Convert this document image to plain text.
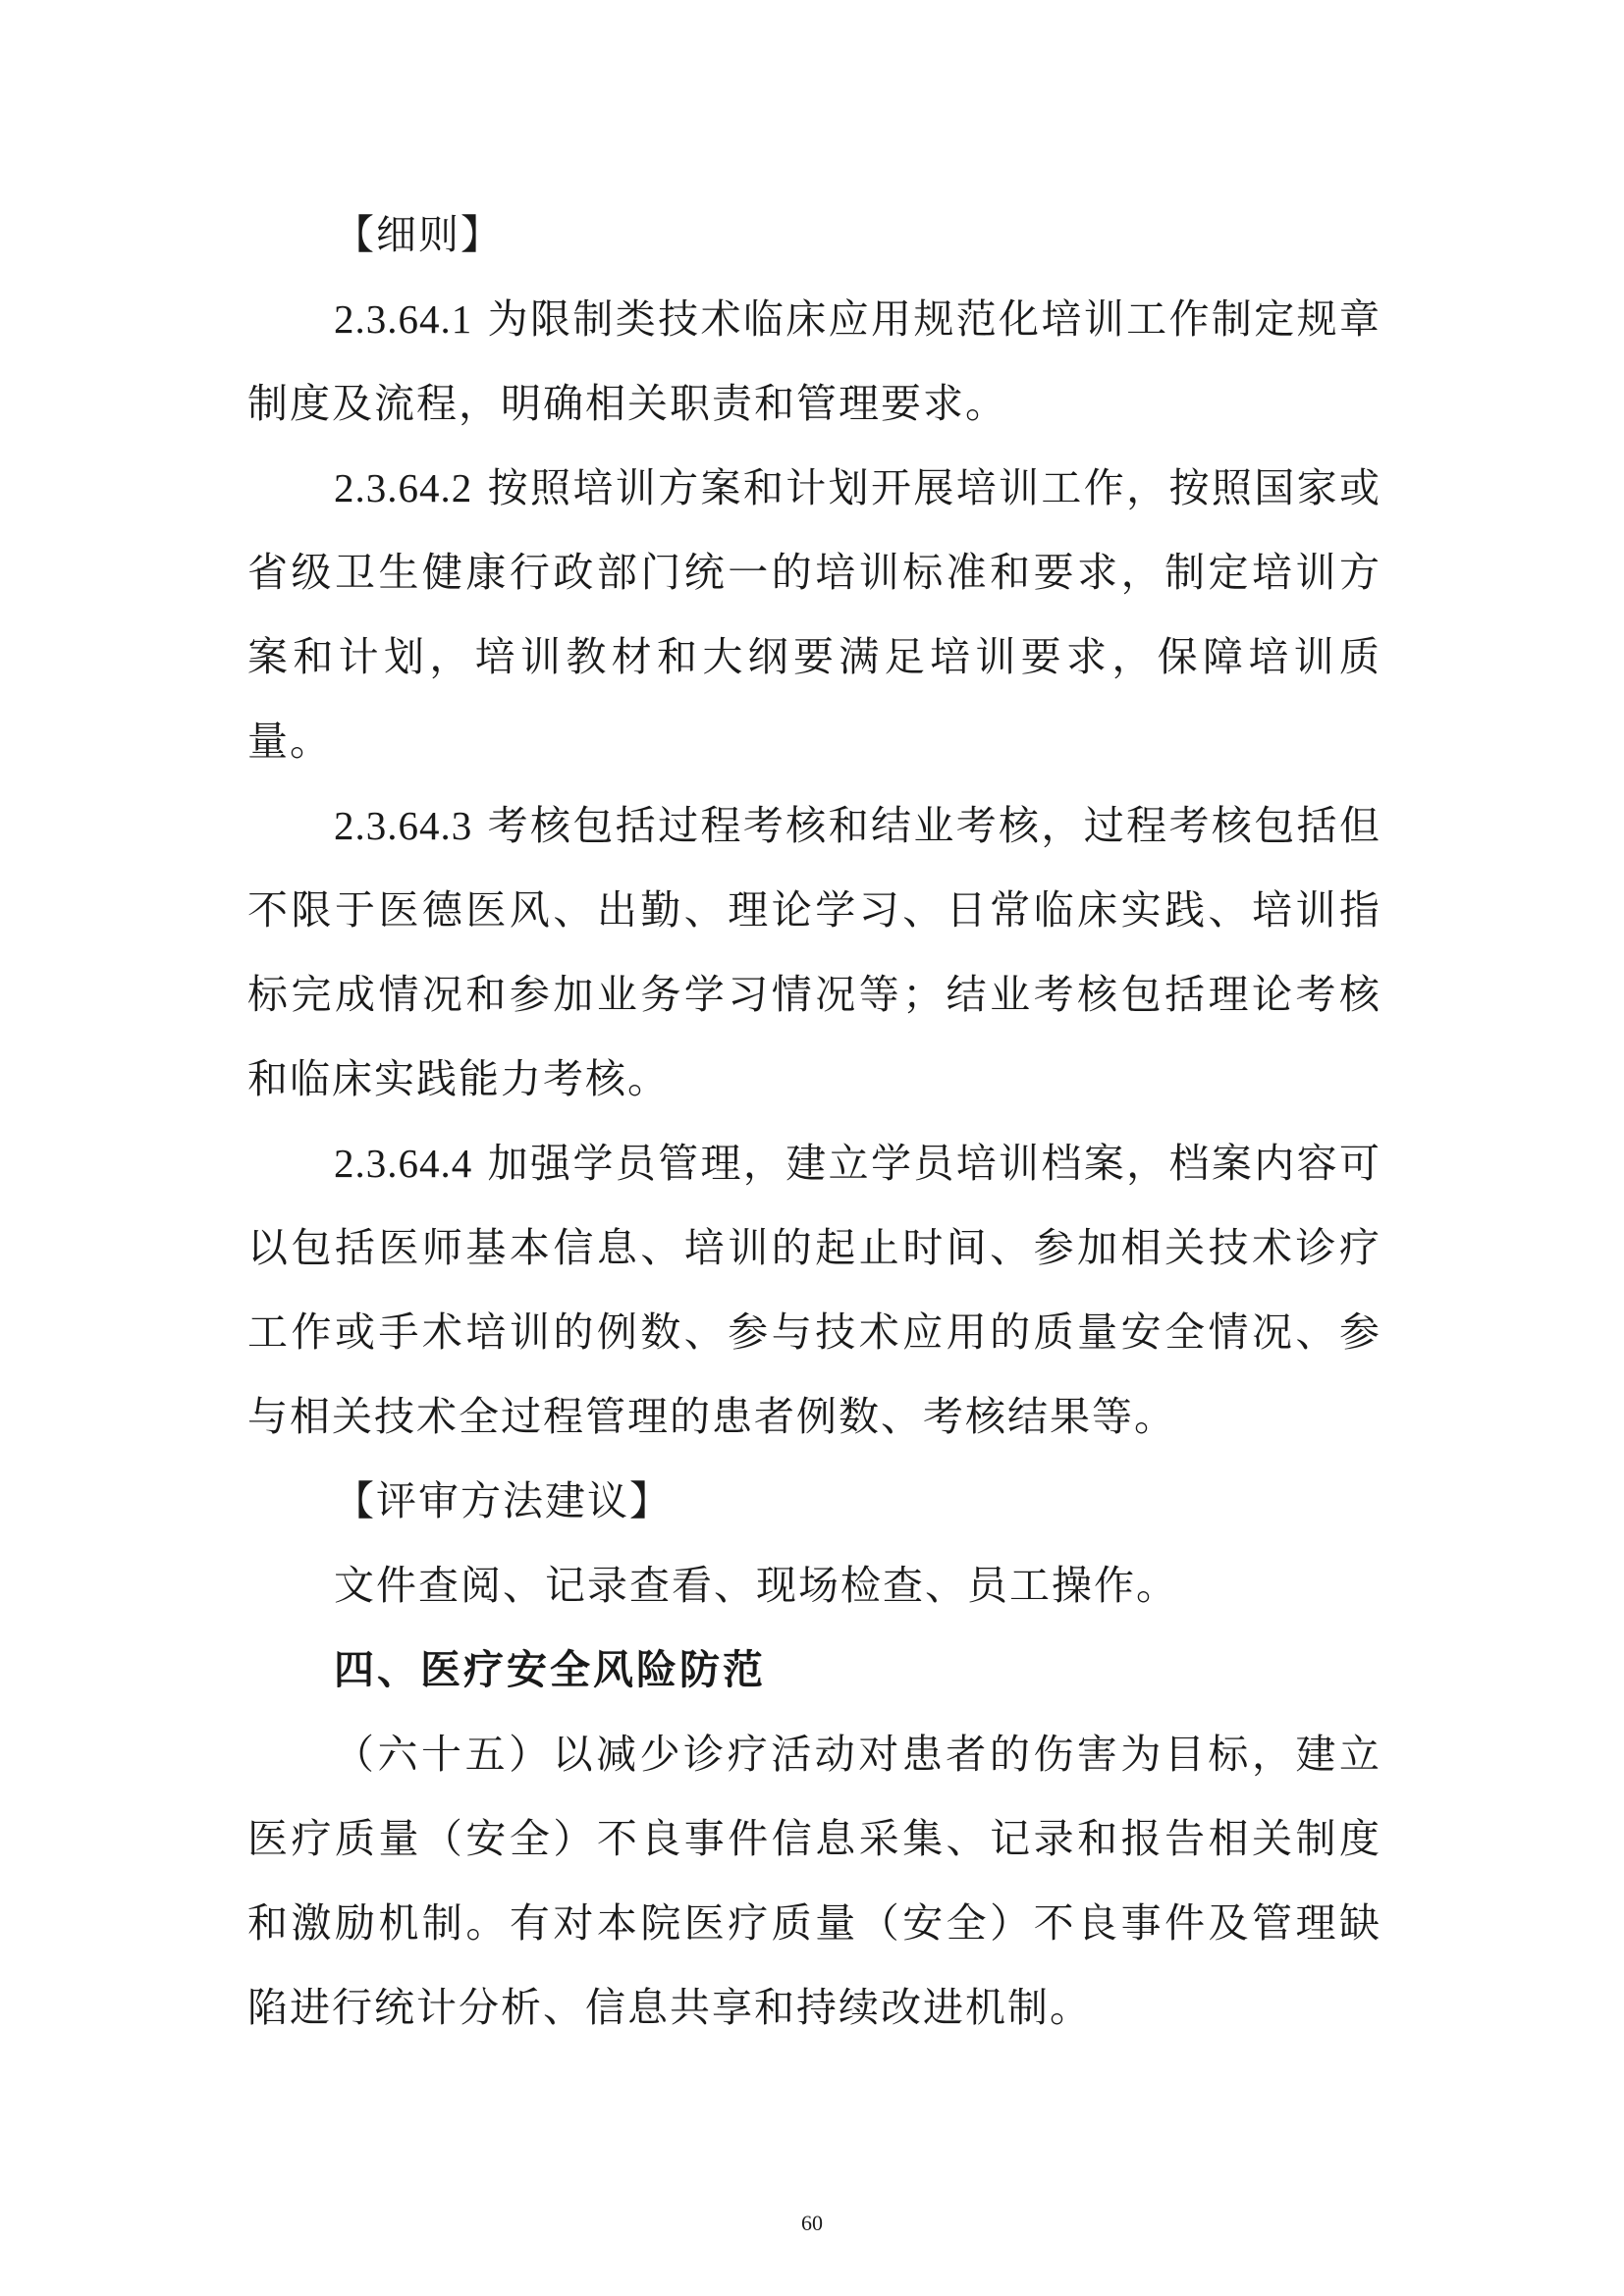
【细则】

2.3.64.1 为限制类技术临床应用规范化培训工作制定规章制度及流程，明确相关职责和管理要求。

2.3.64.2 按照培训方案和计划开展培训工作，按照国家或省级卫生健康行政部门统一的培训标准和要求，制定培训方案和计划，培训教材和大纲要满足培训要求，保障培训质量。

2.3.64.3 考核包括过程考核和结业考核，过程考核包括但不限于医德医风、出勤、理论学习、日常临床实践、培训指标完成情况和参加业务学习情况等；结业考核包括理论考核和临床实践能力考核。

2.3.64.4 加强学员管理，建立学员培训档案，档案内容可以包括医师基本信息、培训的起止时间、参加相关技术诊疗工作或手术培训的例数、参与技术应用的质量安全情况、参与相关技术全过程管理的患者例数、考核结果等。

【评审方法建议】

文件查阅、记录查看、现场检查、员工操作。

四、医疗安全风险防范

（六十五）以减少诊疗活动对患者的伤害为目标，建立医疗质量（安全）不良事件信息采集、记录和报告相关制度和激励机制。有对本院医疗质量（安全）不良事件及管理缺陷进行统计分析、信息共享和持续改进机制。

60
